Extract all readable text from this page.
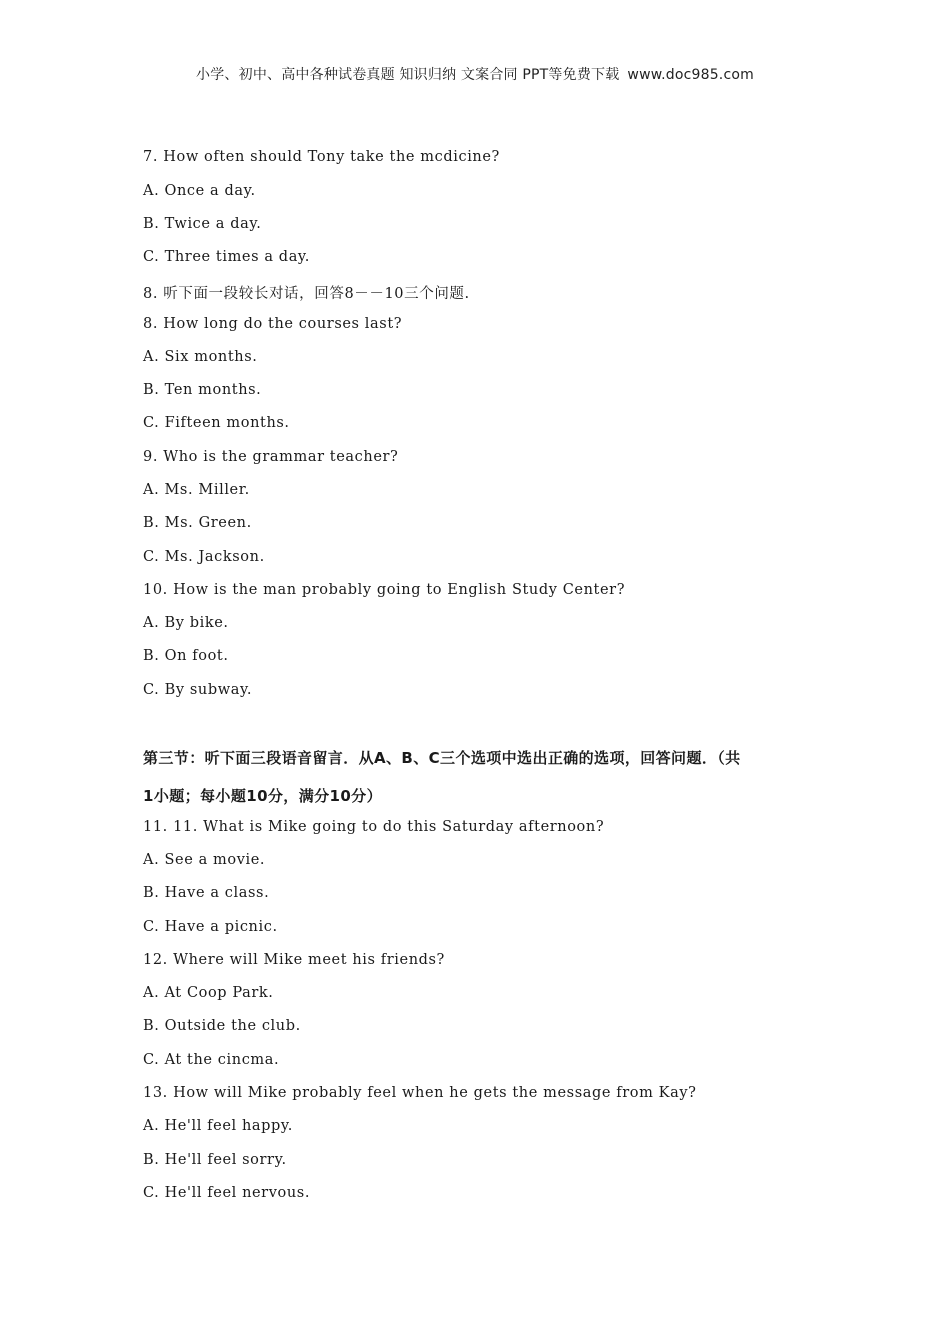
小学、初中、高中各种试卷真题 知识归纳 文案合同 PPT等免费下载 www.doc985.com
7. How often should Tony take the mcdicine?
A. Once a day.
B. Twice a day.
C. Three times a day.
8. 听下面一段较长对话，回答8－－10三个问题.
8. How long do the courses last?
A. Six months.
B. Ten months.
C. Fifteen months.
9. Who is the grammar teacher?
A. Ms. Miller.
B. Ms. Green.
C. Ms. Jackson.
10. How is the man probably going to English Study Center?
A. By bike.
B. On foot.
C. By subway.
第三节：听下面三段语音留言．从A、B、C三个选项中选出正确的选项，回答问题．（共
1小题；每小题10分，满分10分）
11. 11. What is Mike going to do this Saturday afternoon?
A. See a movie.
B. Have a class.
C. Have a picnic.
12. Where will Mike meet his friends?
A. At Coop Park.
B. Outside the club.
C. At the cincma.
13. How will Mike probably feel when he gets the message from Kay?
A. He'll feel happy.
B. He'll feel sorry.
C. He'll feel nervous.
